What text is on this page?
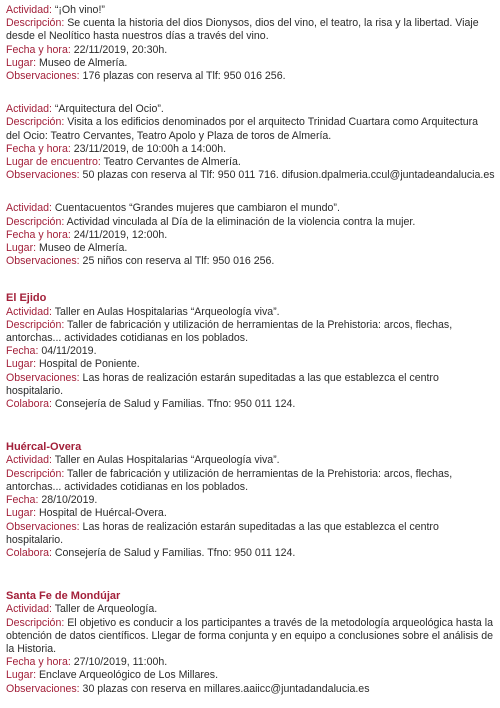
Actividad: “¡Oh vino!”
Descripción: Se cuenta la historia del dios Dionysos, dios del vino, el teatro, la risa y la libertad. Viaje desde el Neolítico hasta nuestros días a través del vino.
Fecha y hora: 22/11/2019, 20:30h.
Lugar: Museo de Almería.
Observaciones: 176 plazas con reserva al Tlf: 950 016 256.
Actividad: “Arquitectura del Ocio”.
Descripción: Visita a los edificios denominados por el arquitecto Trinidad Cuartara como Arquitectura del Ocio: Teatro Cervantes, Teatro Apolo y Plaza de toros de Almería.
Fecha y hora: 23/11/2019, de 10:00h a 14:00h.
Lugar de encuentro: Teatro Cervantes de Almería.
Observaciones: 50 plazas con reserva al Tlf: 950 011 716. difusion.dpalmeria.ccul@juntadeandalucia.es
Actividad: Cuentacuentos “Grandes mujeres que cambiaron el mundo”.
Descripción: Actividad vinculada al Día de la eliminación de la violencia contra la mujer.
Fecha y hora: 24/11/2019, 12:00h.
Lugar: Museo de Almería.
Observaciones: 25 niños con reserva al Tlf: 950 016 256.
El Ejido
Actividad: Taller en Aulas Hospitalarias “Arqueología viva”.
Descripción: Taller de fabricación y utilización de herramientas de la Prehistoria: arcos, flechas, antorchas... actividades cotidianas en los poblados.
Fecha: 04/11/2019.
Lugar: Hospital de Poniente.
Observaciones: Las horas de realización estarán supeditadas a las que establezca el centro hospitalario.
Colabora: Consejería de Salud y Familias. Tfno: 950 011 124.
Huércal-Overa
Actividad: Taller en Aulas Hospitalarias “Arqueología viva”.
Descripción: Taller de fabricación y utilización de herramientas de la Prehistoria: arcos, flechas, antorchas... actividades cotidianas en los poblados.
Fecha: 28/10/2019.
Lugar: Hospital de Huércal-Overa.
Observaciones: Las horas de realización estarán supeditadas a las que establezca el centro hospitalario.
Colabora: Consejería de Salud y Familias. Tfno: 950 011 124.
Santa Fe de Mondújar
Actividad: Taller de Arqueología.
Descripción: El objetivo es conducir a los participantes a través de la metodología arqueológica hasta la obtención de datos científicos. Llegar de forma conjunta y en equipo a conclusiones sobre el análisis de la Historia.
Fecha y hora: 27/10/2019, 11:00h.
Lugar: Enclave Arqueológico de Los Millares.
Observaciones: 30 plazas con reserva en millares.aaiicc@juntadandalucia.es
